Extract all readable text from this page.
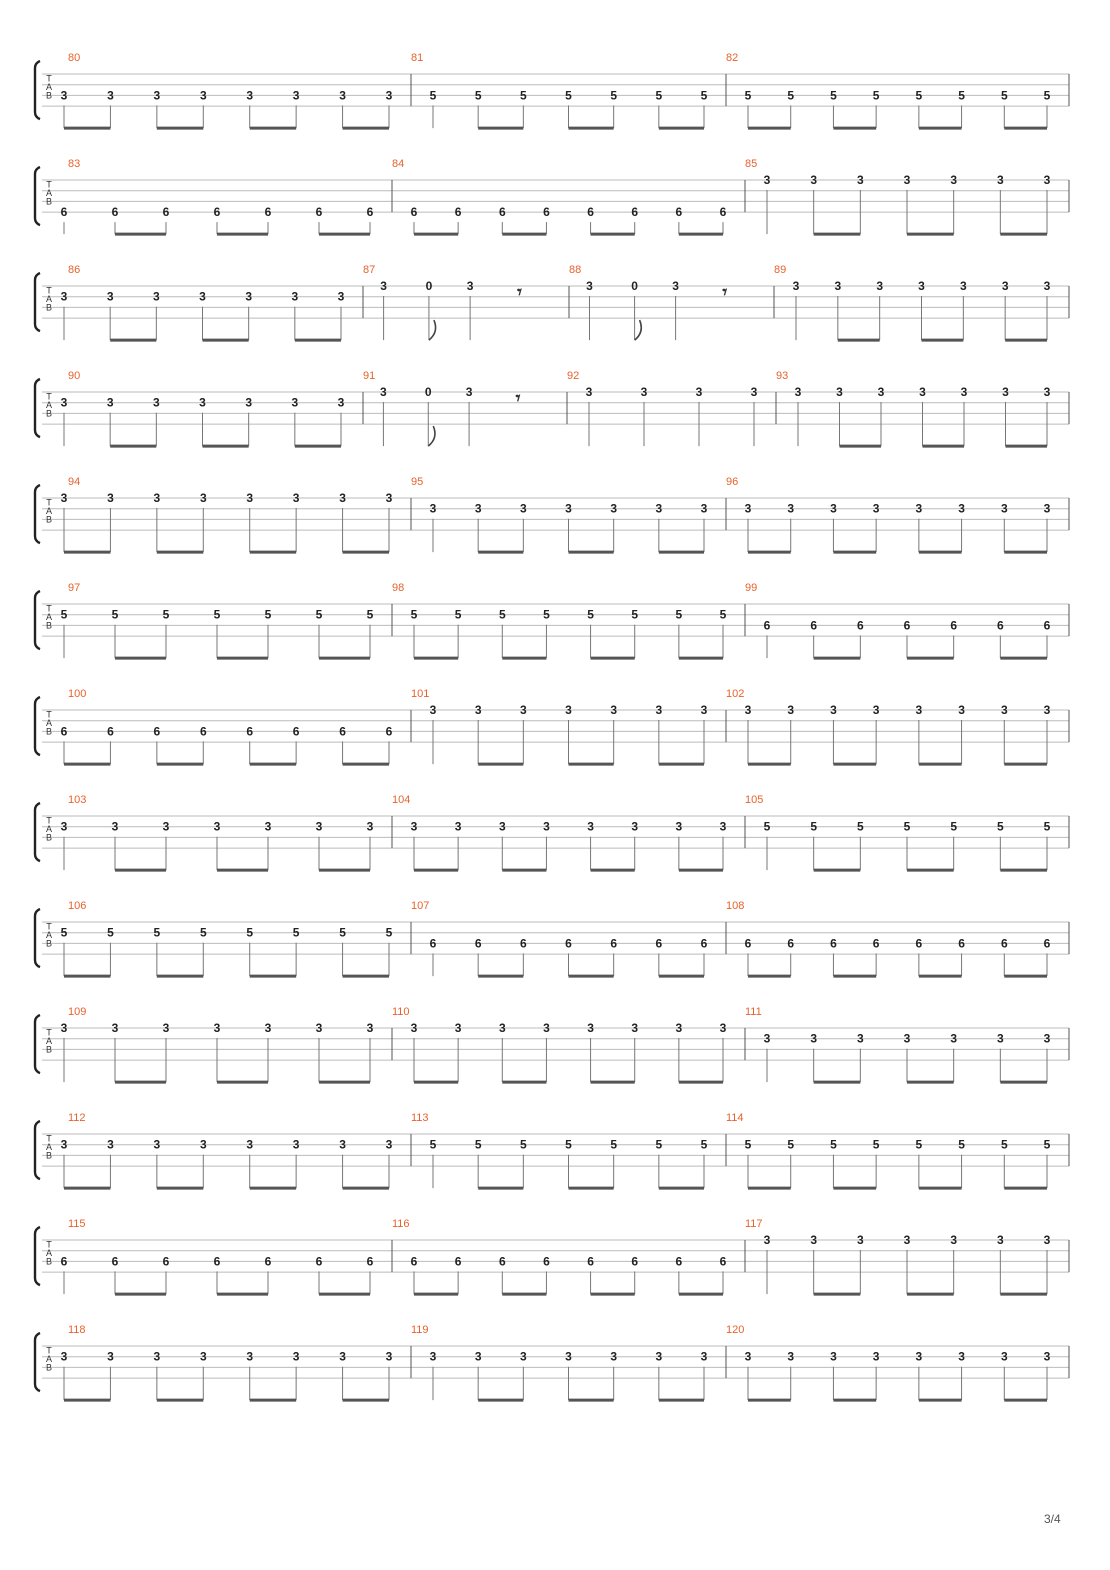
T
A
B
80
3	3	3	3	3	3	3	3
81
5	5	5	5	5	5	5
82
5	5	5	5	5	5	5	5
T
A
B
83
6	6	6	6	6	6	6
84
6	6	6	6	6	6	6	6
85
3	3	3	3	3	3	3
T
A
B
86
3	3	3	3	3	3	3
87
3	0	3 𝄾
88
3	0	3 𝄾
89
3	3	3	3	3	3	3
T
A
B
90
3	3	3	3	3	3	3
91
3	0	3 𝄾
92
3	3	3	3
93
3	3	3	3	3	3	3
T
A
B
94
3	3	3	3	3	3	3	3
95
3	3	3	3	3	3	3
96
3	3	3	3	3	3	3	3
T
A
B
97
5	5	5	5	5	5	5
98
5	5	5	5	5	5	5	5
99
6	6	6	6	6	6	6
T
A
B
100
6	6	6	6	6	6	6	6
101
3	3	3	3	3	3	3
102
3	3	3	3	3	3	3	3
T
A
B
103
3	3	3	3	3	3	3
104
3	3	3	3	3	3	3	3
105
5	5	5	5	5	5	5
T
A
B
106
5	5	5	5	5	5	5	5
107
6	6	6	6	6	6	6
108
6	6	6	6	6	6	6	6
T
A
B
109
3	3	3	3	3	3	3
110
3	3	3	3	3	3	3	3
111
3	3	3	3	3	3	3
T
A
B
112
3	3	3	3	3	3	3	3
113
5	5	5	5	5	5	5
114
5	5	5	5	5	5	5	5
T
A
B
115
6	6	6	6	6	6	6
116
6	6	6	6	6	6	6	6
117
3	3	3	3	3	3	3
T
A
B
118
3	3	3	3	3	3	3	3
119
3	3	3	3	3	3	3
120
3	3	3	3	3	3	3	3
3/4
